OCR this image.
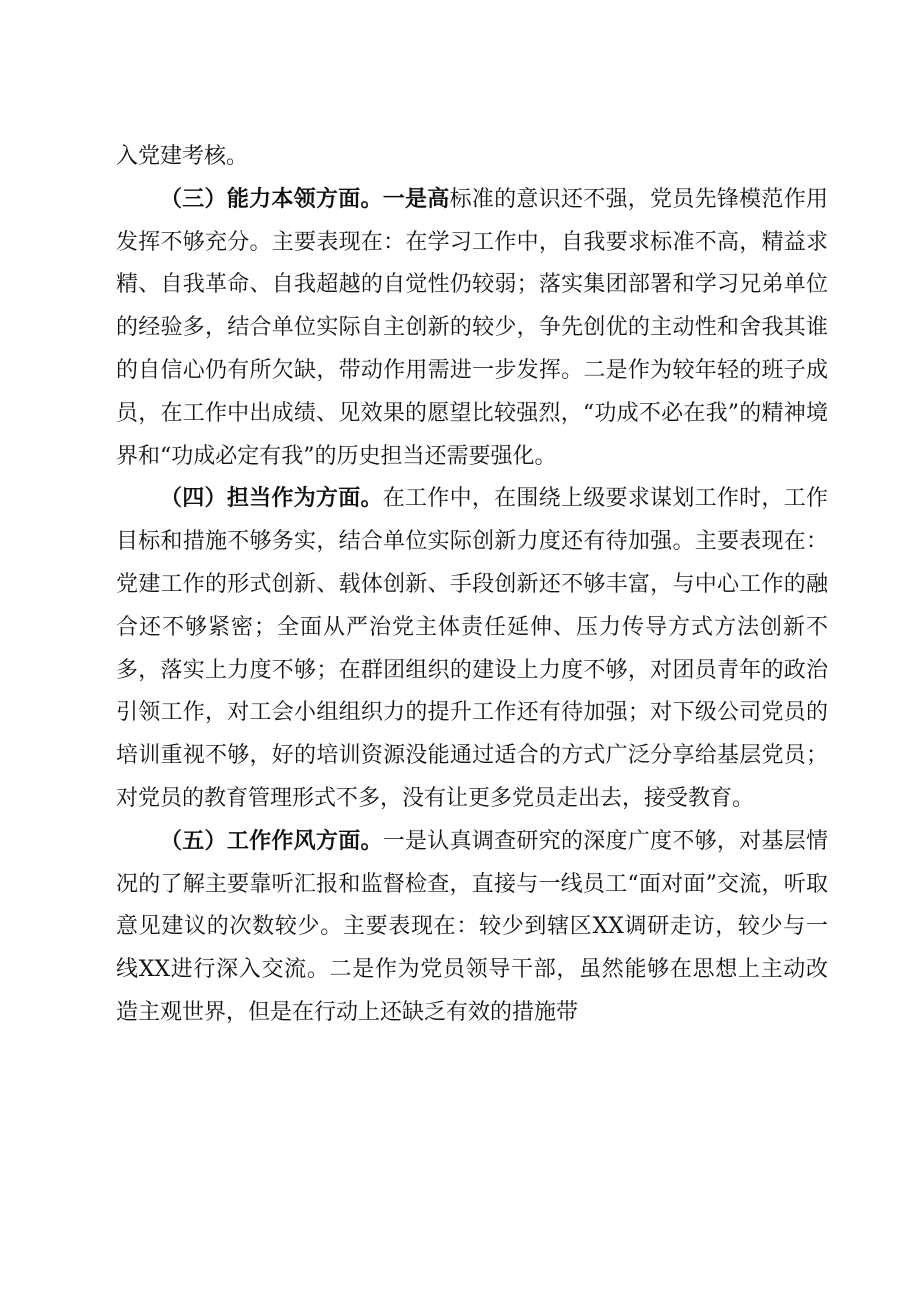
入党建考核。

（三）能力本领方面。一是高标准的意识还不强，党员先锋模范作用发挥不够充分。主要表现在：在学习工作中，自我要求标准不高，精益求精、自我革命、自我超越的自觉性仍较弱；落实集团部署和学习兄弟单位的经验多，结合单位实际自主创新的较少，争先创优的主动性和舍我其谁的自信心仍有所欠缺，带动作用需进一步发挥。二是作为较年轻的班子成员，在工作中出成绩、见效果的愿望比较强烈，“功成不必在我”的精神境界和“功成必定有我”的历史担当还需要强化。

（四）担当作为方面。在工作中，在围绕上级要求谋划工作时，工作目标和措施不够务实，结合单位实际创新力度还有待加强。主要表现在：党建工作的形式创新、载体创新、手段创新还不够丰富，与中心工作的融合还不够紧密；全面从严治党主体责任延伸、压力传导方式方法创新不多，落实上力度不够；在群团组织的建设上力度不够，对团员青年的政治引领工作，对工会小组组织力的提升工作还有待加强；对下级公司党员的培训重视不够，好的培训资源没能通过适合的方式广泛分享给基层党员；对党员的教育管理形式不多，没有让更多党员走出去，接受教育。

（五）工作作风方面。一是认真调查研究的深度广度不够，对基层情况的了解主要靠听汇报和监督检查，直接与一线员工“面对面”交流，听取意见建议的次数较少。主要表现在：较少到辖区XX调研走访，较少与一线XX进行深入交流。二是作为党员领导干部，虽然能够在思想上主动改造主观世界，但是在行动上还缺乏有效的措施带
